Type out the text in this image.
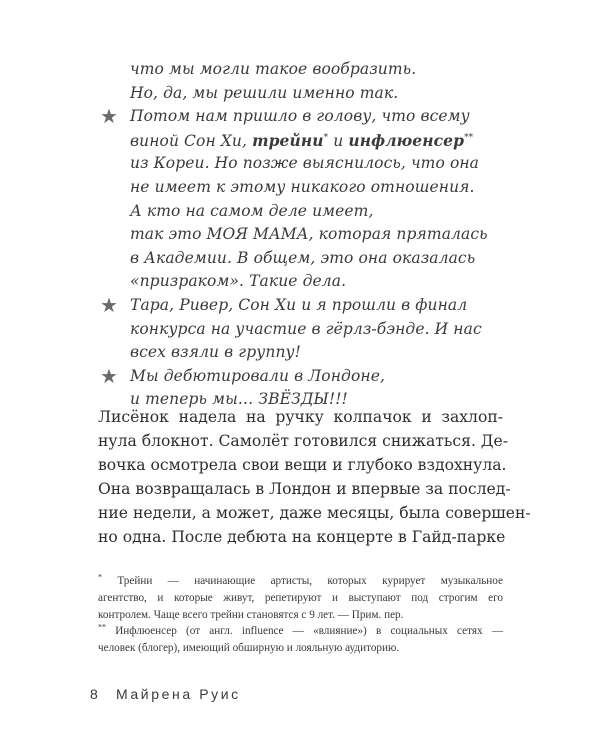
что мы могли такое вообразить.
Но, да, мы решили именно так.
★ Потом нам пришло в голову, что всему
виной Сон Хи, трейни* и инфлюенсер**
из Кореи. Но позже выяснилось, что она
не имеет к этому никакого отношения.
А кто на самом деле имеет,
так это МОЯ МАМА, которая пряталась
в Академии. В общем, это она оказалась
«призраком». Такие дела.
★ Тара, Ривер, Сон Хи и я прошли в финал
конкурса на участие в гёрлз-бэнде. И нас
всех взяли в группу!
★ Мы дебютировали в Лондоне,
и теперь мы… ЗВЁЗДЫ!!!
Лисёнок надела на ручку колпачок и захлоп-
нула блокнот. Самолёт готовился снижаться. Де-
вочка осмотрела свои вещи и глубоко вздохнула.
Она возвращалась в Лондон и впервые за послед-
ние недели, а может, даже месяцы, была совершен-
но одна. После дебюта на концерте в Гайд-парке
* Трейни — начинающие артисты, которых курирует музыкальное
агентство, и которые живут, репетируют и выступают под строгим его
контролем. Чаще всего трейни становятся с 9 лет. — Прим. пер.
** Инфлюенсер (от англ. influence — «влияние») в социальных сетях —
человек (блогер), имеющий обширную и лояльную аудиторию.
8 Майрена Руис
